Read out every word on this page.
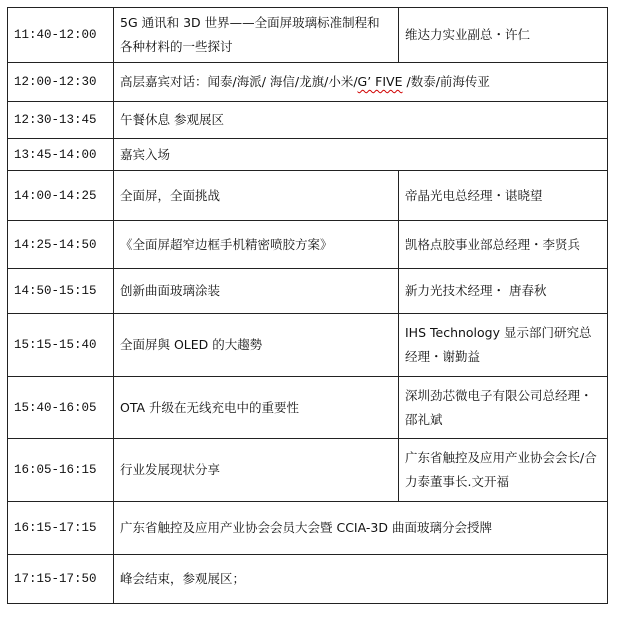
11:40-12:00	5G 通讯和 3D 世界——全面屏玻璃标准制程和各种材料的一些探讨	维达力实业副总・许仁
12:00-12:30	高层嘉宾对话：闻泰/海派/ 海信/龙旗/小米/G’ FIVE /数泰/前海传亚	
12:30-13:45	午餐休息 参观展区	
13:45-14:00	嘉宾入场	
14:00-14:25	全面屏，全面挑战	帝晶光电总经理・谌晓望
14:25-14:50	《全面屏超窄边框手机精密喷胶方案》	凯格点胶事业部总经理・李贤兵
14:50-15:15	创新曲面玻璃涂装	新力光技术经理・ 唐春秋
15:15-15:40	全面屏與 OLED 的大趨勢	IHS Technology 显示部门研究总经理・谢勤益
15:40-16:05	OTA 升级在无线充电中的重要性	深圳劲芯微电子有限公司总经理・邵礼斌
16:05-16:15	行业发展现状分享	广东省触控及应用产业协会会长/合力泰董事长.文开福
16:15-17:15	广东省触控及应用产业协会会员大会暨 CCIA-3D 曲面玻璃分会授牌	
17:15-17:50	峰会结束，参观展区；	
